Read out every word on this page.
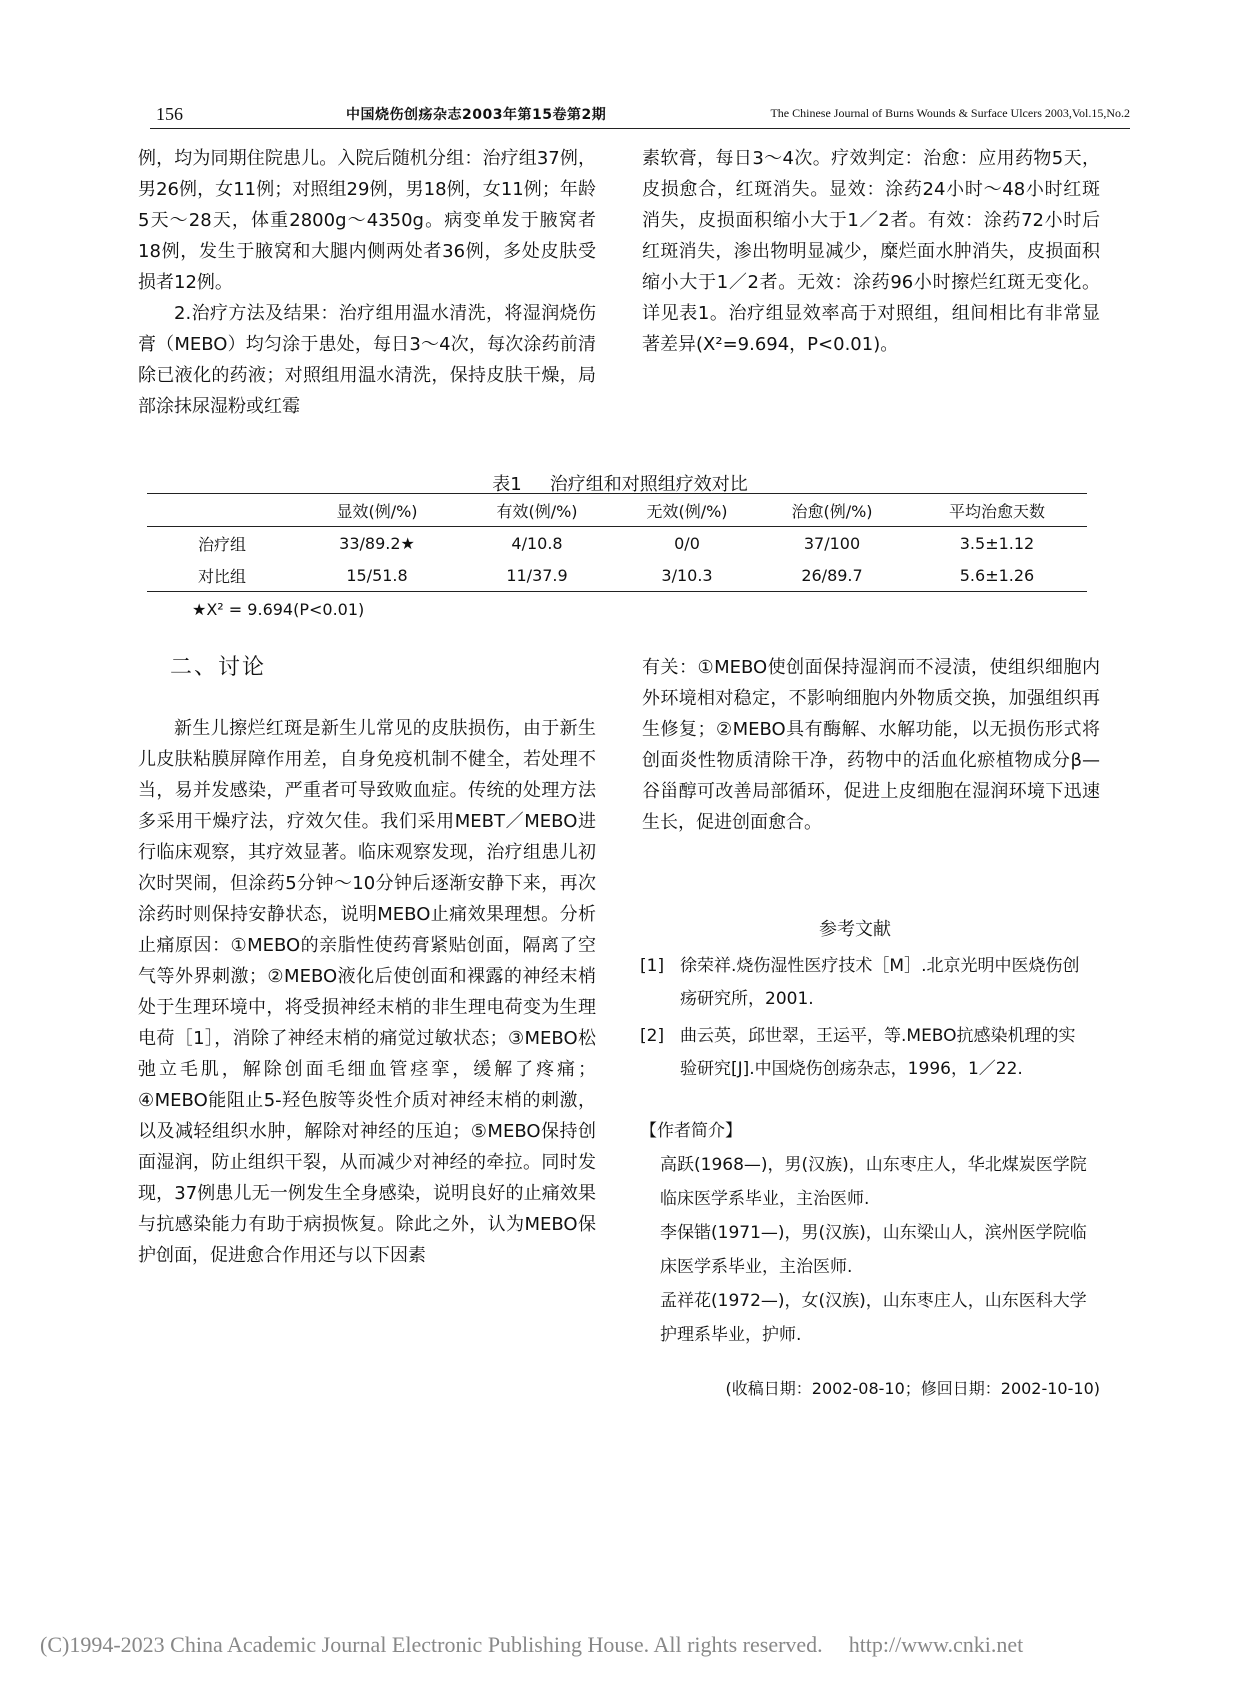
156	中国烧伤创疡杂志2003年第15卷第2期	The Chinese Journal of Burns Wounds & Surface Ulcers 2003,Vol.15,No.2

例，均为同期住院患儿。入院后随机分组：治疗组37例，男26例，女11例；对照组29例，男18例，女11例；年龄5天～28天，体重2800g～4350g。病变单发于腋窝者18例，发生于腋窝和大腿内侧两处者36例，多处皮肤受损者12例。

2.治疗方法及结果：治疗组用温水清洗，将湿润烧伤膏（MEBO）均匀涂于患处，每日3～4次，每次涂药前清除已液化的药液；对照组用温水清洗，保持皮肤干燥，局部涂抹尿湿粉或红霉

素软膏，每日3～4次。疗效判定：治愈：应用药物5天，皮损愈合，红斑消失。显效：涂药24小时～48小时红斑消失，皮损面积缩小大于1／2者。有效：涂药72小时后红斑消失，渗出物明显减少，糜烂面水肿消失，皮损面积缩小大于1／2者。无效：涂药96小时擦烂红斑无变化。详见表1。治疗组显效率高于对照组，组间相比有非常显著差异(X²=9.694，P<0.01)。

表1 治疗组和对照组疗效对比
	显效(例/%)	有效(例/%)	无效(例/%)	治愈(例/%)	平均治愈天数
治疗组	33/89.2★	4/10.8	0/0	37/100	3.5±1.12
对比组	15/51.8	11/37.9	3/10.3	26/89.7	5.6±1.26
★X² = 9.694(P<0.01)
二、讨论

新生儿擦烂红斑是新生儿常见的皮肤损伤，由于新生儿皮肤粘膜屏障作用差，自身免疫机制不健全，若处理不当，易并发感染，严重者可导致败血症。传统的处理方法多采用干燥疗法，疗效欠佳。我们采用MEBT／MEBO进行临床观察，其疗效显著。临床观察发现，治疗组患儿初次时哭闹，但涂药5分钟～10分钟后逐渐安静下来，再次涂药时则保持安静状态，说明MEBO止痛效果理想。分析止痛原因：①MEBO的亲脂性使药膏紧贴创面，隔离了空气等外界刺激；②MEBO液化后使创面和裸露的神经末梢处于生理环境中，将受损神经末梢的非生理电荷变为生理电荷［1］，消除了神经末梢的痛觉过敏状态；③MEBO松弛立毛肌，解除创面毛细血管痉挛，缓解了疼痛；④MEBO能阻止5-羟色胺等炎性介质对神经末梢的刺激，以及减轻组织水肿，解除对神经的压迫；⑤MEBO保持创面湿润，防止组织干裂，从而减少对神经的牵拉。同时发现，37例患儿无一例发生全身感染，说明良好的止痛效果与抗感染能力有助于病损恢复。除此之外，认为MEBO保护创面，促进愈合作用还与以下因素

有关：①MEBO使创面保持湿润而不浸渍，使组织细胞内外环境相对稳定，不影响细胞内外物质交换，加强组织再生修复；②MEBO具有酶解、水解功能，以无损伤形式将创面炎性物质清除干净，药物中的活血化瘀植物成分β—谷甾醇可改善局部循环，促进上皮细胞在湿润环境下迅速生长，促进创面愈合。

参考文献
[1] 徐荣祥.烧伤湿性医疗技术［M］.北京光明中医烧伤创疡研究所，2001.
[2] 曲云英，邱世翠，王运平，等.MEBO抗感染机理的实验研究[J].中国烧伤创疡杂志，1996，1／22.
【作者简介】
高跃(1968—)，男(汉族)，山东枣庄人，华北煤炭医学院临床医学系毕业，主治医师.
李保锴(1971—)，男(汉族)，山东梁山人，滨州医学院临床医学系毕业，主治医师.
孟祥花(1972—)，女(汉族)，山东枣庄人，山东医科大学护理系毕业，护师.
(收稿日期：2002-08-10；修回日期：2002-10-10)
(C)1994-2023 China Academic Journal Electronic Publishing House. All rights reserved. http://www.cnki.net
